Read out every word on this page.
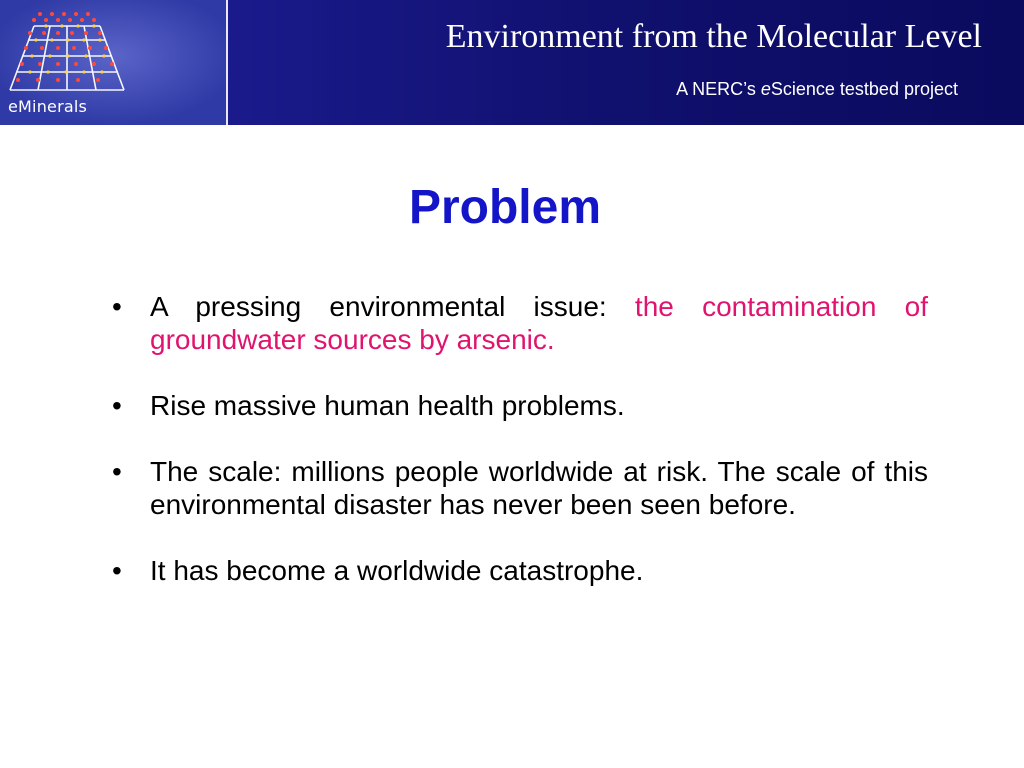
eMinerals
Environment from the Molecular Level
A NERC’s eScience testbed project
Problem
• A pressing environmental issue: the contamination of groundwater sources by arsenic.
• Rise massive human health problems.
• The scale: millions people worldwide at risk. The scale of this environmental disaster has never been seen before.
• It has become a worldwide catastrophe.
